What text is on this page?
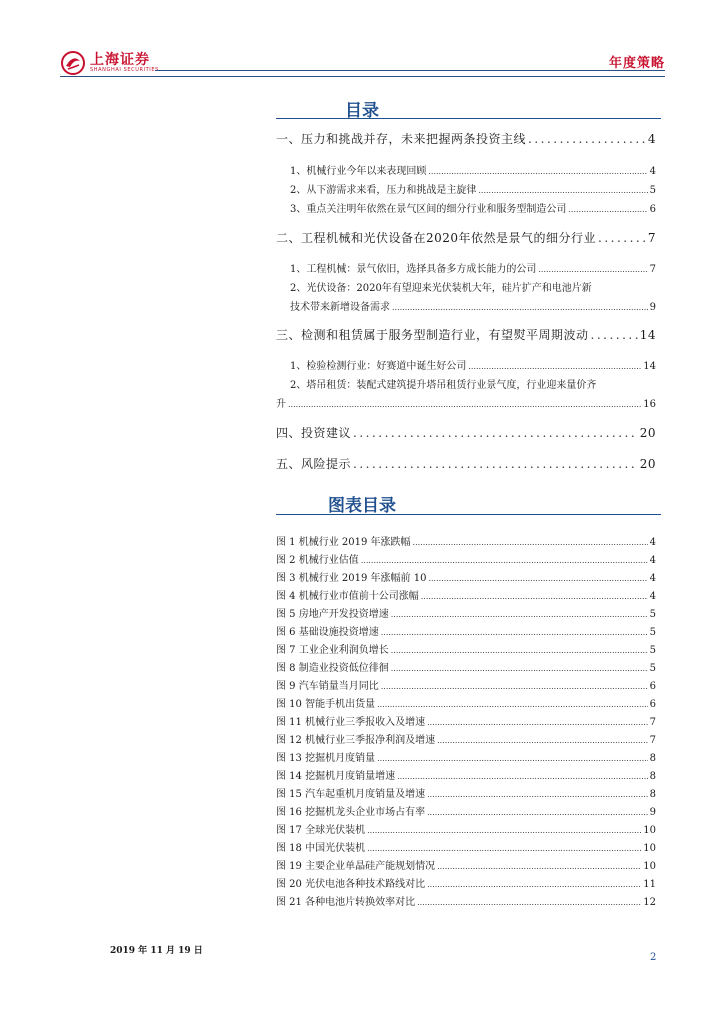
上海证券
SHANGHAI SECURITIES	年度策略
目录
一、压力和挑战并存，未来把握两条投资主线 .....	4
1、机械行业今年以来表现回顾 .....	4
2、从下游需求来看，压力和挑战是主旋律 .....	5
3、重点关注明年依然在景气区间的细分行业和服务型制造公司 .....	6
二、工程机械和光伏设备在2020年依然是景气的细分行业 .....	7
1、工程机械：景气依旧，选择具备多方成长能力的公司 .....	7
2、光伏设备：2020年有望迎来光伏装机大年，硅片扩产和电池片新
技术带来新增设备需求 .....	9
三、检测和租赁属于服务型制造行业，有望熨平周期波动 .....	14
1、检验检测行业：好赛道中诞生好公司 .....	14
2、塔吊租赁：装配式建筑提升塔吊租赁行业景气度，行业迎来量价齐
升 .....	16
四、投资建议 .....	20
五、风险提示 .....	20
图表目录
图 1 机械行业 2019 年涨跌幅 .....	4
图 2 机械行业估值 .....	4
图 3 机械行业 2019 年涨幅前 10 .....	4
图 4 机械行业市值前十公司涨幅 .....	4
图 5 房地产开发投资增速 .....	5
图 6 基础设施投资增速 .....	5
图 7 工业企业利润负增长 .....	5
图 8 制造业投资低位徘徊 .....	5
图 9 汽车销量当月同比 .....	6
图 10 智能手机出货量 .....	6
图 11 机械行业三季报收入及增速 .....	7
图 12 机械行业三季报净利润及增速 .....	7
图 13 挖掘机月度销量 .....	8
图 14 挖掘机月度销量增速 .....	8
图 15 汽车起重机月度销量及增速 .....	8
图 16 挖掘机龙头企业市场占有率 .....	9
图 17 全球光伏装机 .....	10
图 18 中国光伏装机 .....	10
图 19 主要企业单晶硅产能规划情况 .....	10
图 20 光伏电池各种技术路线对比 .....	11
图 21 各种电池片转换效率对比 .....	12
2019 年 11 月 19 日
2
